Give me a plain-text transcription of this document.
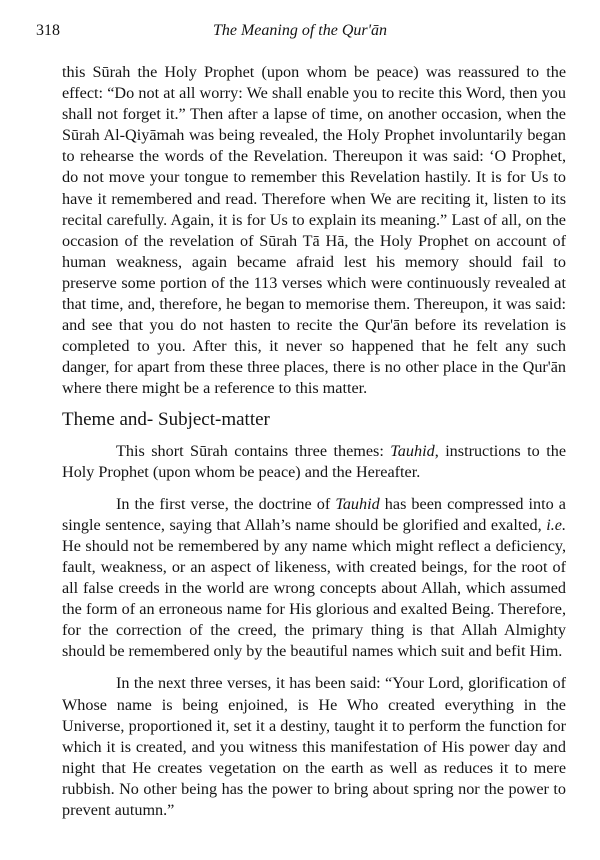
318	The Meaning of the Qur'ān

this Sūrah the Holy Prophet (upon whom be peace) was reassured to the effect: “Do not at all worry: We shall enable you to recite this Word, then you shall not forget it.” Then after a lapse of time, on another occasion, when the Sūrah Al-Qiyāmah was being revealed, the Holy Prophet involuntarily began to rehearse the words of the Revelation. Thereupon it was said: ‘O Prophet, do not move your tongue to remember this Revelation hastily. It is for Us to have it remembered and read. Therefore when We are reciting it, listen to its recital carefully. Again, it is for Us to explain its meaning.” Last of all, on the occasion of the revelation of Sūrah Tā Hā, the Holy Prophet on account of human weakness, again became afraid lest his memory should fail to preserve some portion of the 113 verses which were continuously revealed at that time, and, therefore, he began to memorise them. Thereupon, it was said: and see that you do not hasten to recite the Qur'ān before its revelation is completed to you. After this, it never so happened that he felt any such danger, for apart from these three places, there is no other place in the Qur'ān where there might be a reference to this matter.

Theme and- Subject-matter

This short Sūrah contains three themes: Tauhid, instructions to the Holy Prophet (upon whom be peace) and the Hereafter.

In the first verse, the doctrine of Tauhid has been compressed into a single sentence, saying that Allah’s name should be glorified and exalted, i.e. He should not be remembered by any name which might reflect a deficiency, fault, weakness, or an aspect of likeness, with created beings, for the root of all false creeds in the world are wrong concepts about Allah, which assumed the form of an erroneous name for His glorious and exalted Being. Therefore, for the correction of the creed, the primary thing is that Allah Almighty should be remembered only by the beautiful names which suit and befit Him.

In the next three verses, it has been said: “Your Lord, glorification of Whose name is being enjoined, is He Who created everything in the Universe, proportioned it, set it a destiny, taught it to perform the function for which it is created, and you witness this manifestation of His power day and night that He creates vegetation on the earth as well as reduces it to mere rubbish. No other being has the power to bring about spring nor the power to prevent autumn.”
